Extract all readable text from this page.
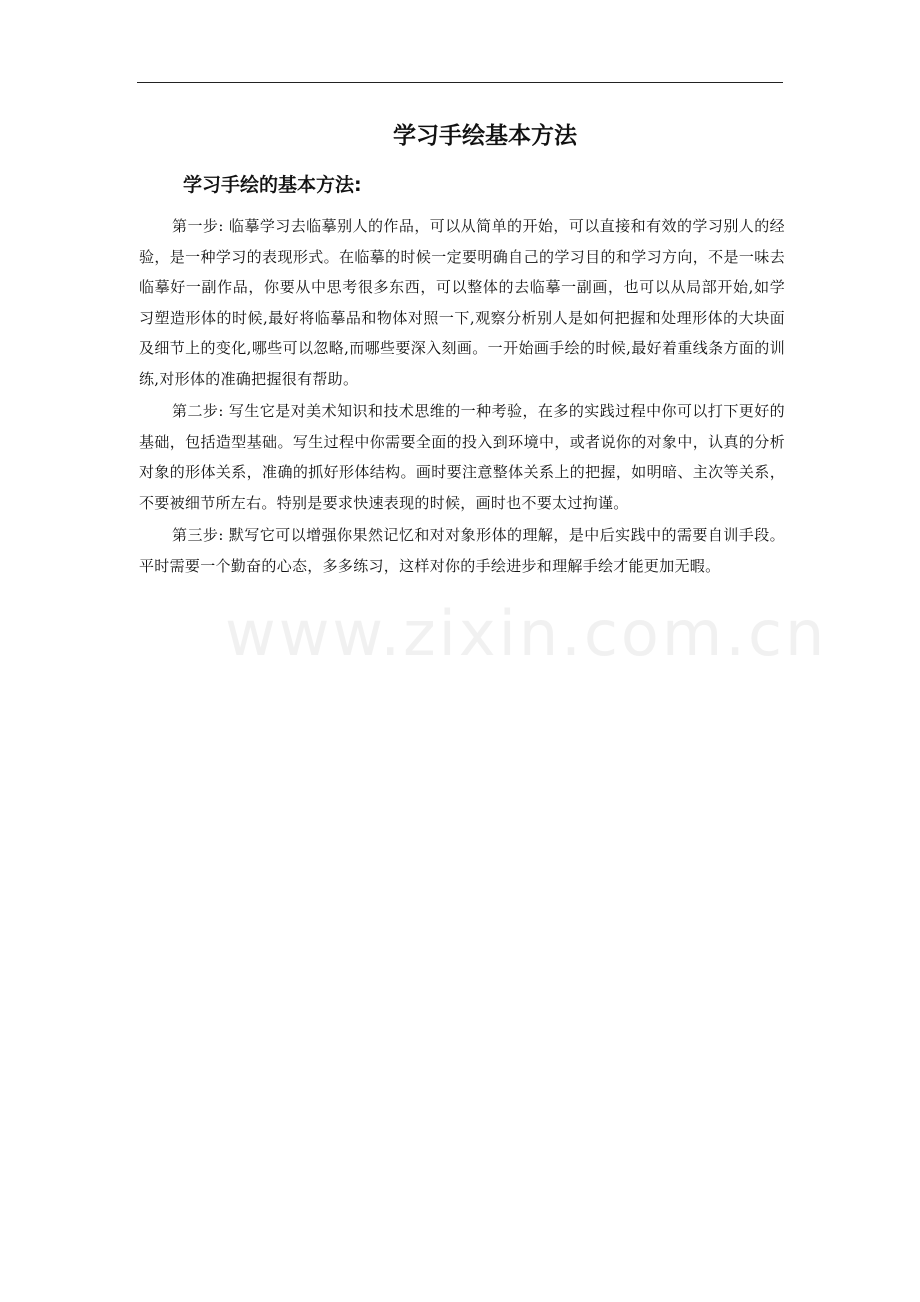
学习手绘基本方法
学习手绘的基本方法:

第一步: 临摹学习去临摹别人的作品，可以从简单的开始，可以直接和有效的学习别人的经验，是一种学习的表现形式。在临摹的时候一定要明确自己的学习目的和学习方向，不是一味去临摹好一副作品，你要从中思考很多东西，可以整体的去临摹一副画，也可以从局部开始,如学习塑造形体的时候,最好将临摹品和物体对照一下,观察分析别人是如何把握和处理形体的大块面及细节上的变化,哪些可以忽略,而哪些要深入刻画。一开始画手绘的时候,最好着重线条方面的训练,对形体的准确把握很有帮助。

第二步: 写生它是对美术知识和技术思维的一种考验，在多的实践过程中你可以打下更好的基础，包括造型基础。写生过程中你需要全面的投入到环境中，或者说你的对象中，认真的分析对象的形体关系，准确的抓好形体结构。画时要注意整体关系上的把握，如明暗、主次等关系，不要被细节所左右。特别是要求快速表现的时候，画时也不要太过拘谨。

第三步: 默写它可以增强你果然记忆和对对象形体的理解，是中后实践中的需要自训手段。平时需要一个勤奋的心态，多多练习，这样对你的手绘进步和理解手绘才能更加无暇。

www.zixin.com.cn
